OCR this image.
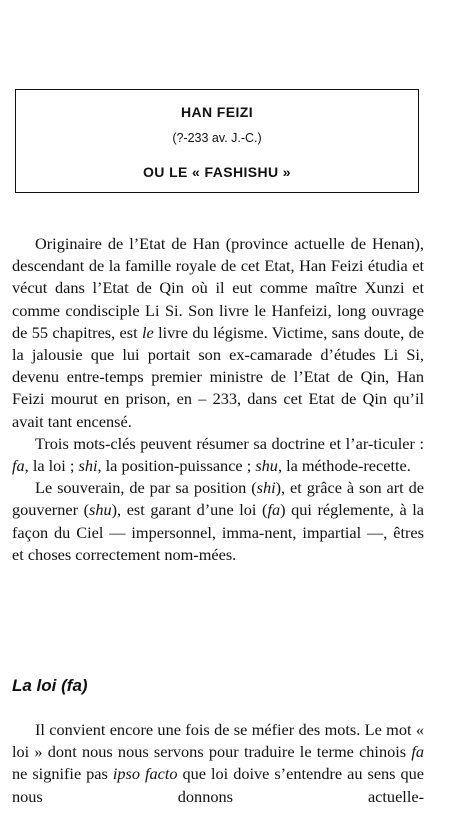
HAN FEIZI
(?-233 av. J.-C.)
OU LE « FASHISHU »

Originaire de l’Etat de Han (province actuelle de Henan), descendant de la famille royale de cet Etat, Han Feizi étudia et vécut dans l’Etat de Qin où il eut comme maître Xunzi et comme condisciple Li Si. Son livre le Hanfeizi, long ouvrage de 55 chapitres, est le livre du légisme. Victime, sans doute, de la jalousie que lui portait son ex-camarade d’études Li Si, devenu entre-temps premier ministre de l’Etat de Qin, Han Feizi mourut en prison, en – 233, dans cet Etat de Qin qu’il avait tant encensé.

Trois mots-clés peuvent résumer sa doctrine et l’ar-ticuler : fa, la loi ; shi, la position-puissance ; shu, la méthode-recette.

Le souverain, de par sa position (shi), et grâce à son art de gouverner (shu), est garant d’une loi (fa) qui réglemente, à la façon du Ciel — impersonnel, imma-nent, impartial —, êtres et choses correctement nom-mées.

La loi (fa)

Il convient encore une fois de se méfier des mots. Le mot « loi » dont nous nous servons pour traduire le terme chinois fa ne signifie pas ipso facto que loi doive s’entendre au sens que nous donnons actuelle-
